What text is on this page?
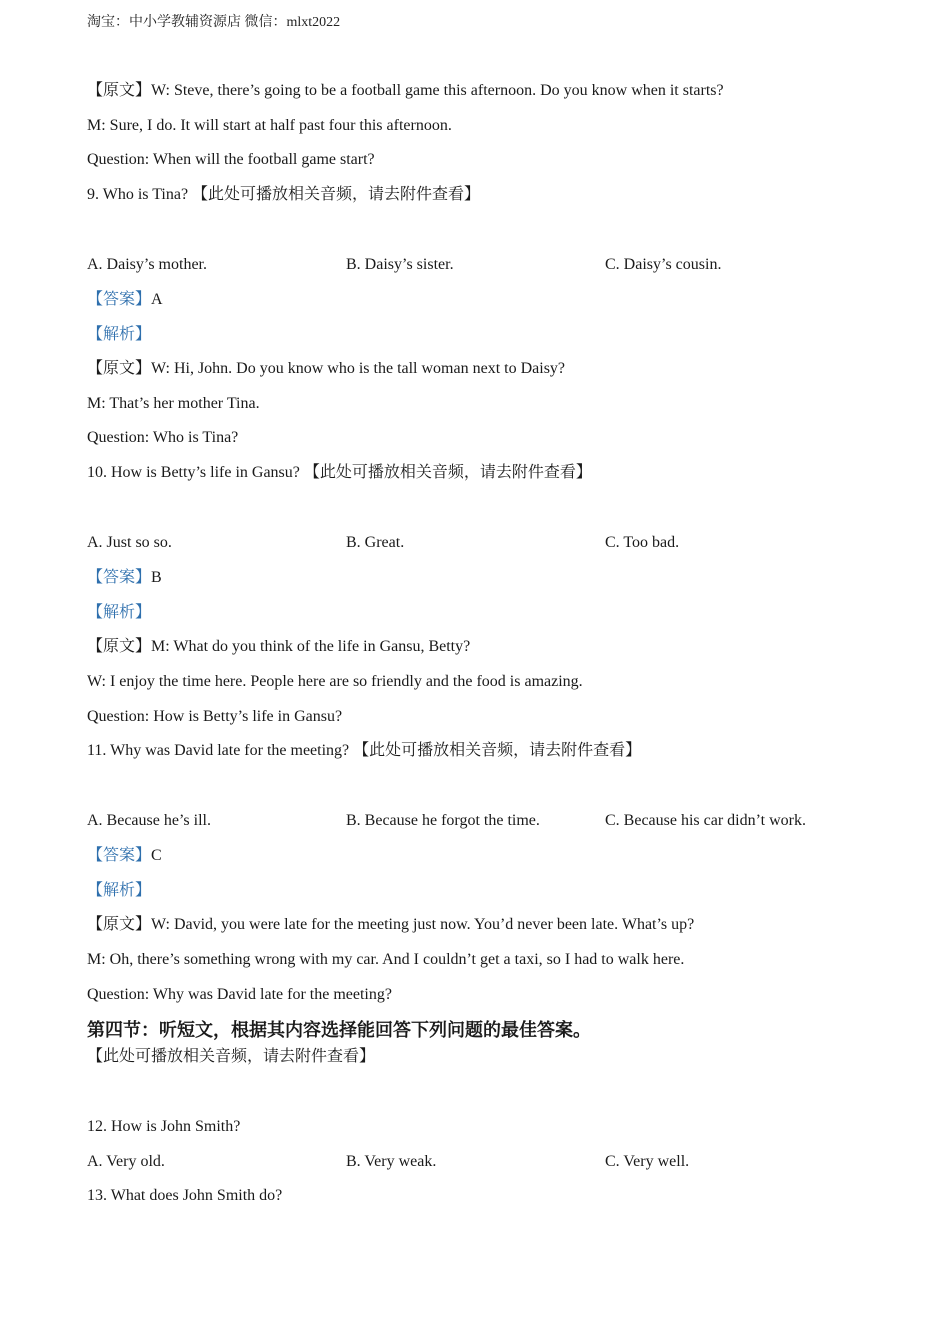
淘宝：中小学教辅资源店 微信：mlxt2022
【原文】W: Steve, there’s going to be a football game this afternoon. Do you know when it starts?
M: Sure, I do. It will start at half past four this afternoon.
Question: When will the football game start?
9. Who is Tina? 【此处可播放相关音频，请去附件查看】
A. Daisy’s mother.	B. Daisy’s sister.	C. Daisy’s cousin.
【答案】A
【解析】
【原文】W: Hi, John. Do you know who is the tall woman next to Daisy?
M: That’s her mother Tina.
Question: Who is Tina?
10. How is Betty’s life in Gansu? 【此处可播放相关音频，请去附件查看】
A. Just so so.	B. Great.	C. Too bad.
【答案】B
【解析】
【原文】M: What do you think of the life in Gansu, Betty?
W: I enjoy the time here. People here are so friendly and the food is amazing.
Question: How is Betty’s life in Gansu?
11. Why was David late for the meeting? 【此处可播放相关音频，请去附件查看】
A. Because he’s ill.	B. Because he forgot the time.	C. Because his car didn’t work.
【答案】C
【解析】
【原文】W: David, you were late for the meeting just now. You’d never been late. What’s up?
M: Oh, there’s something wrong with my car. And I couldn’t get a taxi, so I had to walk here.
Question: Why was David late for the meeting?
第四节：听短文，根据其内容选择能回答下列问题的最佳答案。
【此处可播放相关音频，请去附件查看】
12. How is John Smith?
A. Very old.	B. Very weak.	C. Very well.
13. What does John Smith do?
